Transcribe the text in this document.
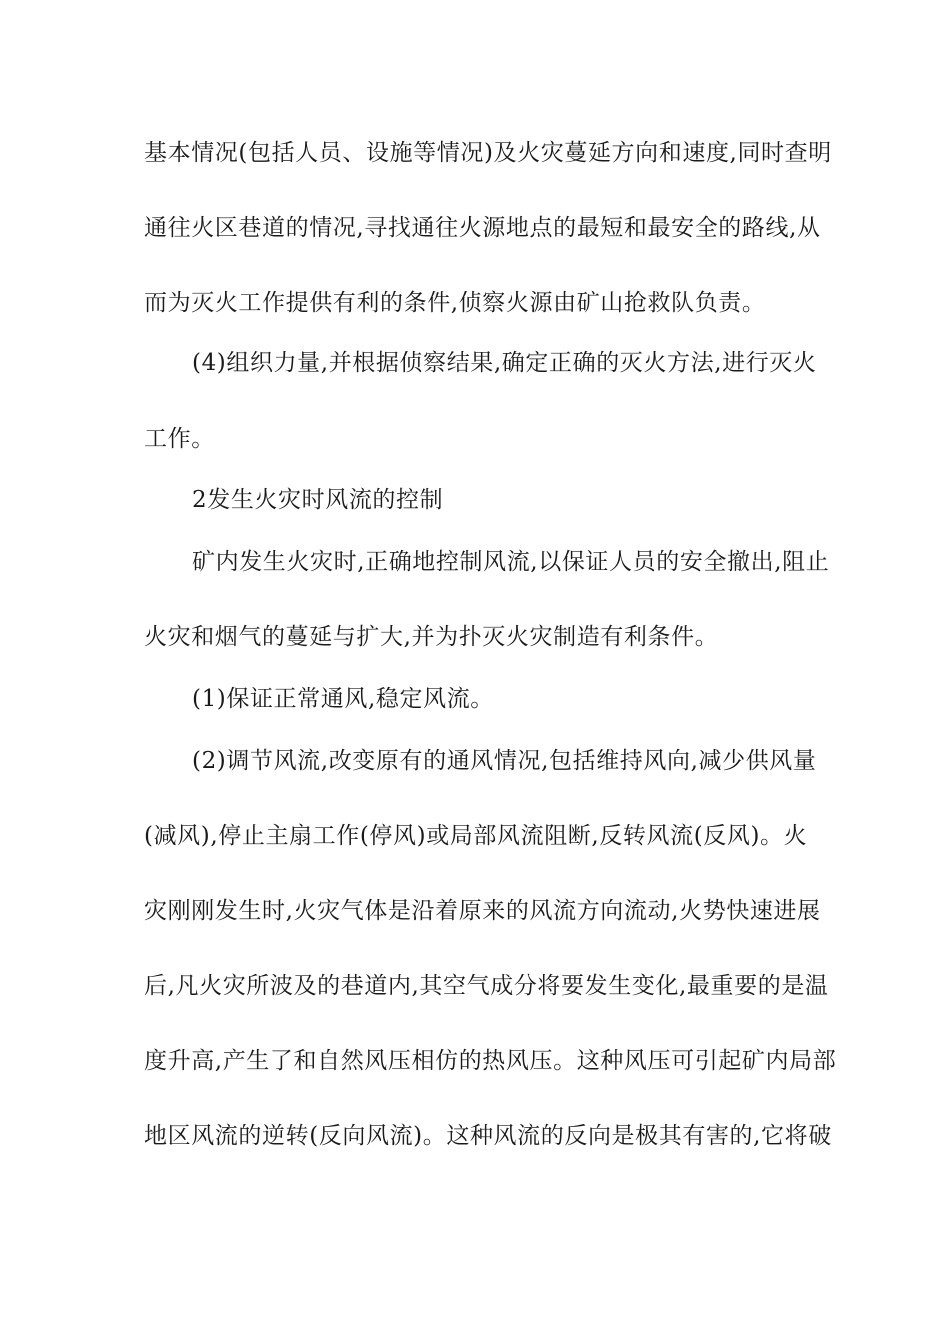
基本情况(包括人员、设施等情况)及火灾蔓延方向和速度,同时查明
通往火区巷道的情况,寻找通往火源地点的最短和最安全的路线,从
而为灭火工作提供有利的条件,侦察火源由矿山抢救队负责。
(4)组织力量,并根据侦察结果,确定正确的灭火方法,进行灭火
工作。
2发生火灾时风流的控制
矿内发生火灾时,正确地控制风流,以保证人员的安全撤出,阻止
火灾和烟气的蔓延与扩大,并为扑灭火灾制造有利条件。
(1)保证正常通风,稳定风流。
(2)调节风流,改变原有的通风情况,包括维持风向,减少供风量
(减风),停止主扇工作(停风)或局部风流阻断,反转风流(反风)。火
灾刚刚发生时,火灾气体是沿着原来的风流方向流动,火势快速进展
后,凡火灾所波及的巷道内,其空气成分将要发生变化,最重要的是温
度升高,产生了和自然风压相仿的热风压。这种风压可引起矿内局部
地区风流的逆转(反向风流)。这种风流的反向是极其有害的,它将破
